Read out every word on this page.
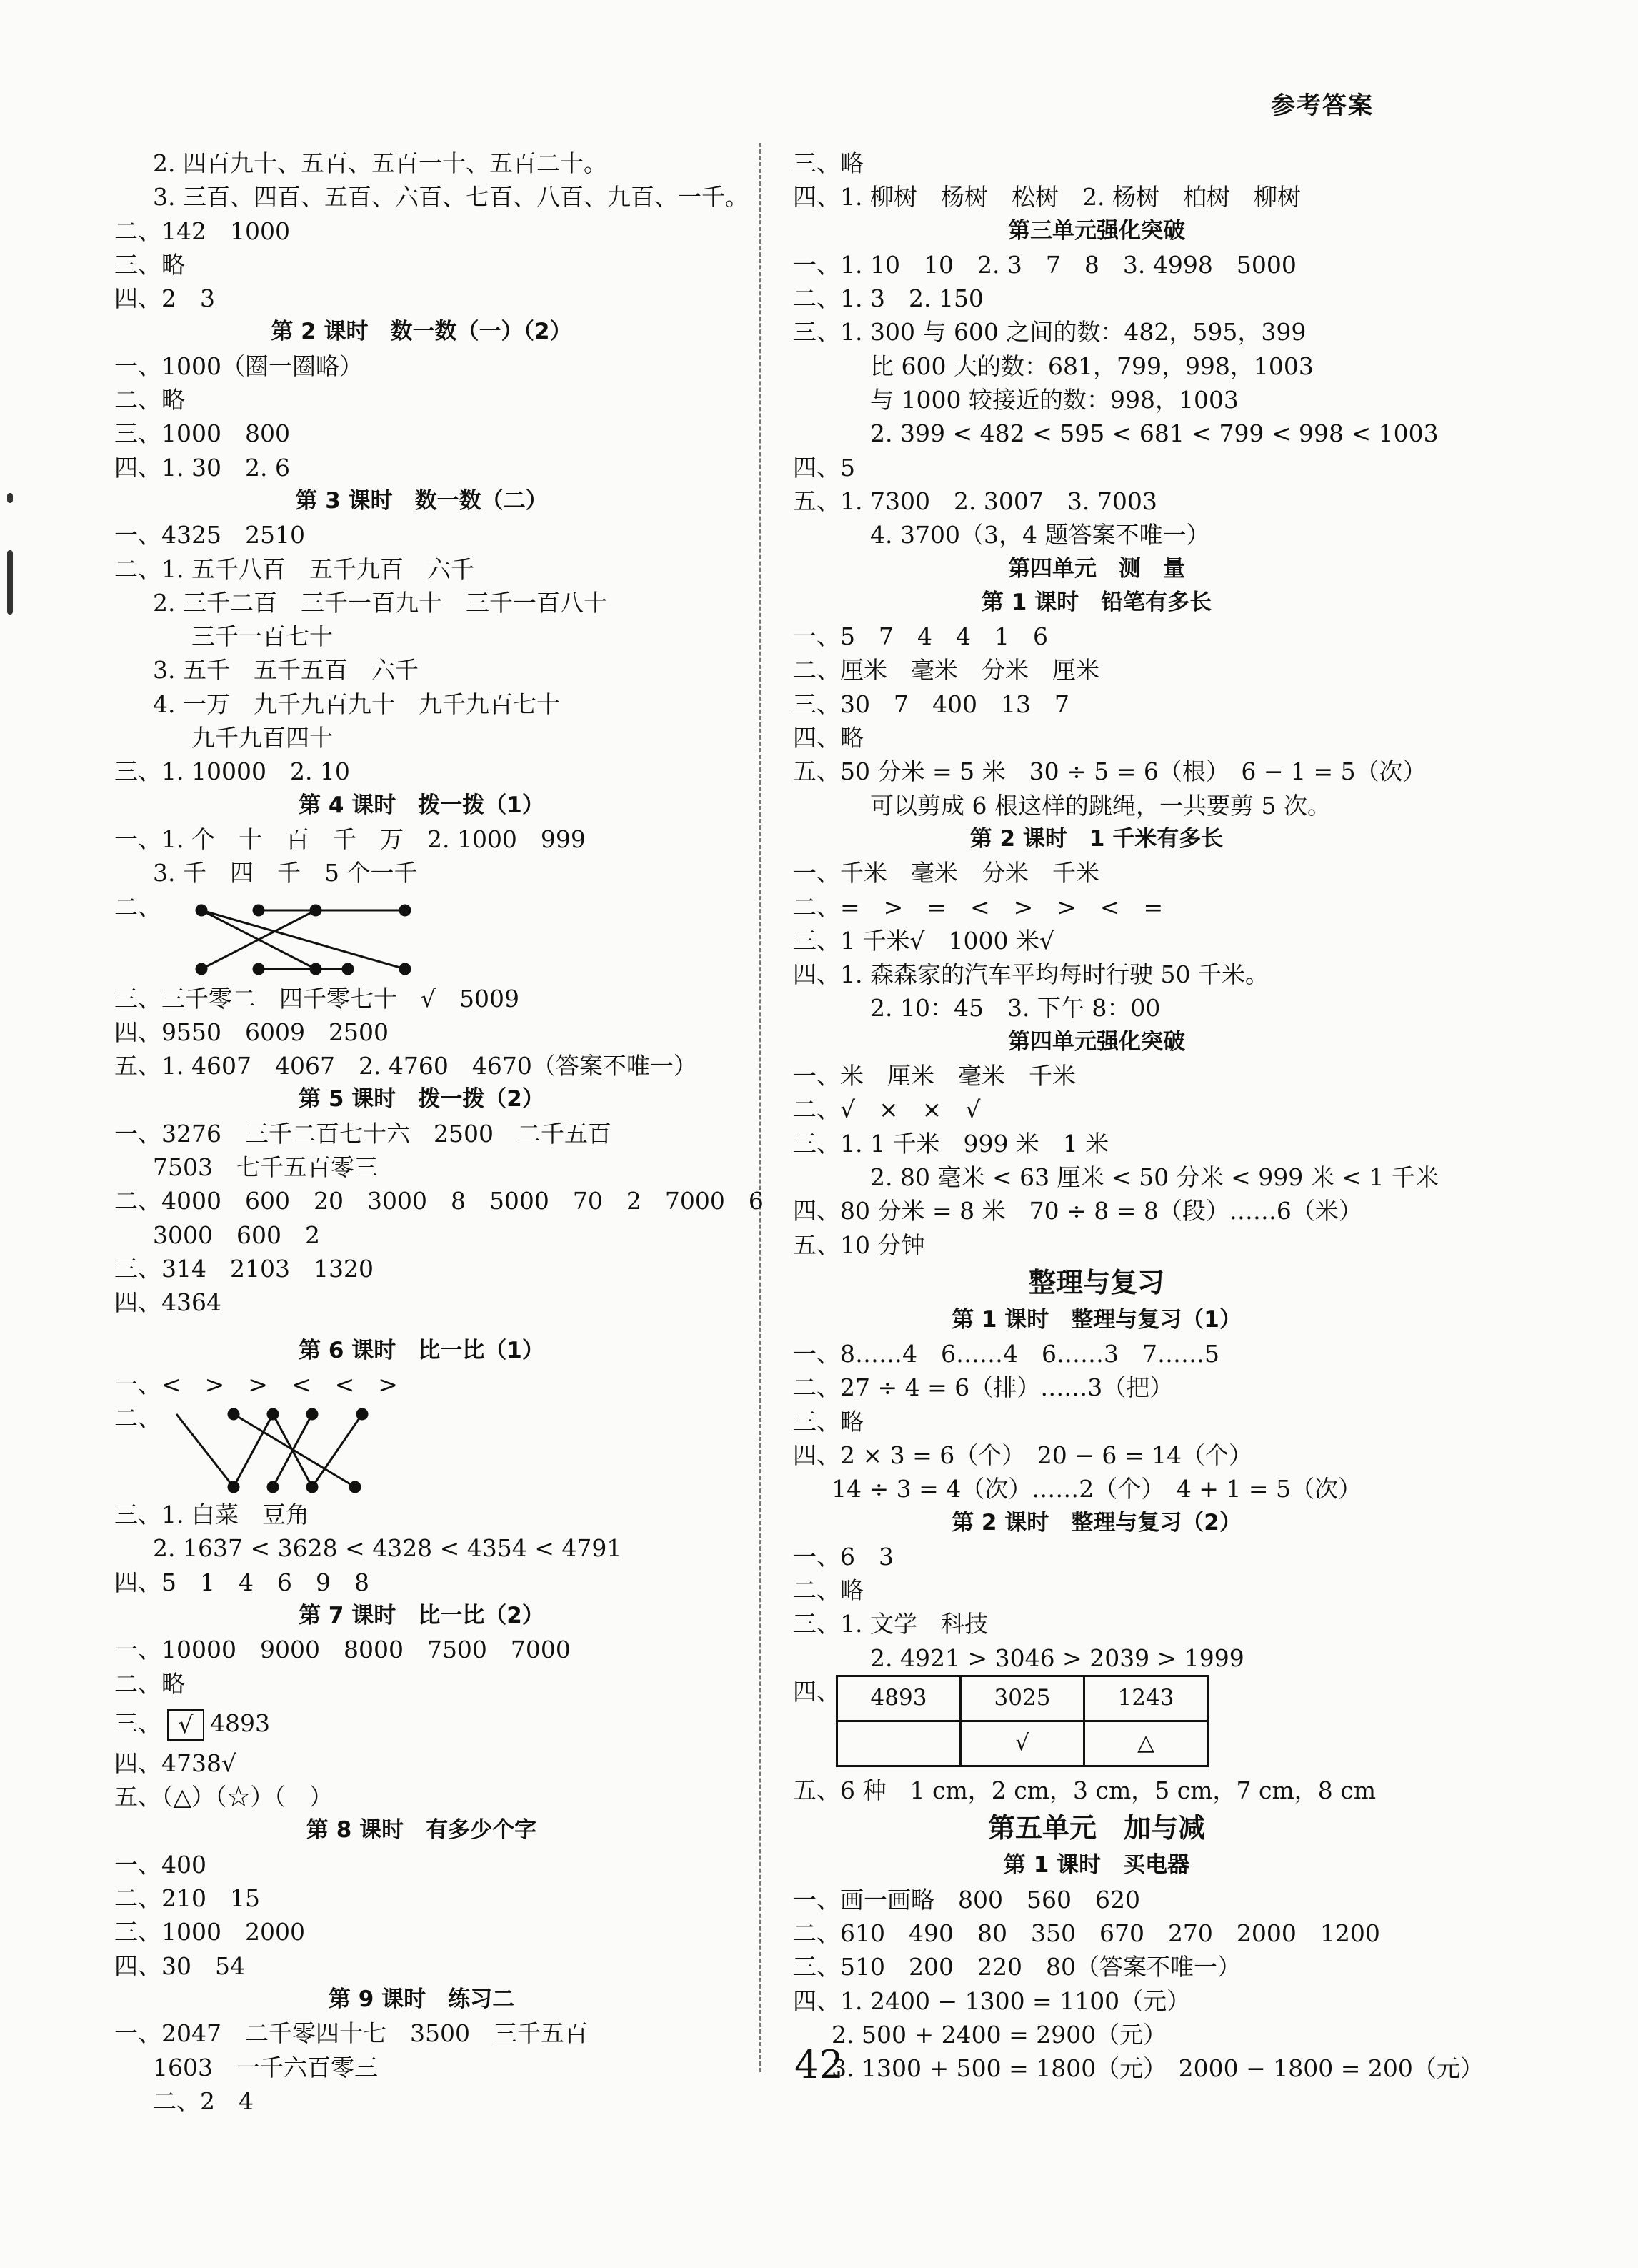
参考答案
2. 四百九十、五百、五百一十、五百二十。
3. 三百、四百、五百、六百、七百、八百、九百、一千。
二、142　1000
三、略
四、2　3
第 2 课时　数一数（一）（2）
一、1000（圈一圈略）
二、略
三、1000　800
四、1. 30　2. 6
第 3 课时　数一数（二）
一、4325　2510
二、1. 五千八百　五千九百　六千
2. 三千二百　三千一百九十　三千一百八十
三千一百七十
3. 五千　五千五百　六千
4. 一万　九千九百九十　九千九百七十
九千九百四十
三、1. 10000　2. 10
第 4 课时　拨一拨（1）
一、1. 个　十　百　千　万　2. 1000　999
3. 千　四　千　5 个一千
二、
三、三千零二　四千零七十　√　5009
四、9550　6009　2500
五、1. 4607　4067　2. 4760　4670（答案不唯一）
第 5 课时　拨一拨（2）
一、3276　三千二百七十六　2500　二千五百
7503　七千五百零三
二、4000　600　20　3000　8　5000　70　2　7000　6
3000　600　2
三、314　2103　1320
四、4364
第 6 课时　比一比（1）
一、<　>　>　<　<　>
二、
三、1. 白菜　豆角
2. 1637 < 3628 < 4328 < 4354 < 4791
四、5　1　4　6　9　8
第 7 课时　比一比（2）
一、10000　9000　8000　7500　7000
二、略
三、 √ 4893
四、4738√
五、（△）（☆）（　）
第 8 课时　有多少个字
一、400
二、210　15
三、1000　2000
四、30　54
第 9 课时　练习二
一、2047　二千零四十七　3500　三千五百
1603　一千六百零三
二、2　4
三、略
四、1. 柳树　杨树　松树　2. 杨树　柏树　柳树
第三单元强化突破
一、1. 10　10　2. 3　7　8　3. 4998　5000
二、1. 3　2. 150
三、1. 300 与 600 之间的数：482，595，399
比 600 大的数：681，799，998，1003
与 1000 较接近的数：998，1003
2. 399 < 482 < 595 < 681 < 799 < 998 < 1003
四、5
五、1. 7300　2. 3007　3. 7003
4. 3700（3，4 题答案不唯一）
第四单元　测　量
第 1 课时　铅笔有多长
一、5　7　4　4　1　6
二、厘米　毫米　分米　厘米
三、30　7　400　13　7
四、略
五、50 分米 = 5 米　30 ÷ 5 = 6（根）　6 − 1 = 5（次）
可以剪成 6 根这样的跳绳，一共要剪 5 次。
第 2 课时　1 千米有多长
一、千米　毫米　分米　千米
二、=　>　=　<　>　>　<　=
三、1 千米√　1000 米√
四、1. 森森家的汽车平均每时行驶 50 千米。
2. 10：45　3. 下午 8：00
第四单元强化突破
一、米　厘米　毫米　千米
二、√　×　×　√
三、1. 1 千米　999 米　1 米
2. 80 毫米 < 63 厘米 < 50 分米 < 999 米 < 1 千米
四、80 分米 = 8 米　70 ÷ 8 = 8（段）……6（米）
五、10 分钟
整理与复习
第 1 课时　整理与复习（1）
一、8……4　6……4　6……3　7……5
二、27 ÷ 4 = 6（排）……3（把）
三、略
四、2 × 3 = 6（个）　20 − 6 = 14（个）
14 ÷ 3 = 4（次）……2（个）　4 + 1 = 5（次）
第 2 课时　整理与复习（2）
一、6　3
二、略
三、1. 文学　科技
2. 4921 > 3046 > 2039 > 1999
四、 4893	3025	1243
	√	△
五、6 种　1 cm，2 cm，3 cm，5 cm，7 cm，8 cm
第五单元　加与减
第 1 课时　买电器
一、画一画略　800　560　620
二、610　490　80　350　670　270　2000　1200
三、510　200　220　80（答案不唯一）
四、1. 2400 − 1300 = 1100（元）
2. 500 + 2400 = 2900（元）
3. 1300 + 500 = 1800（元）　2000 − 1800 = 200（元）
42
